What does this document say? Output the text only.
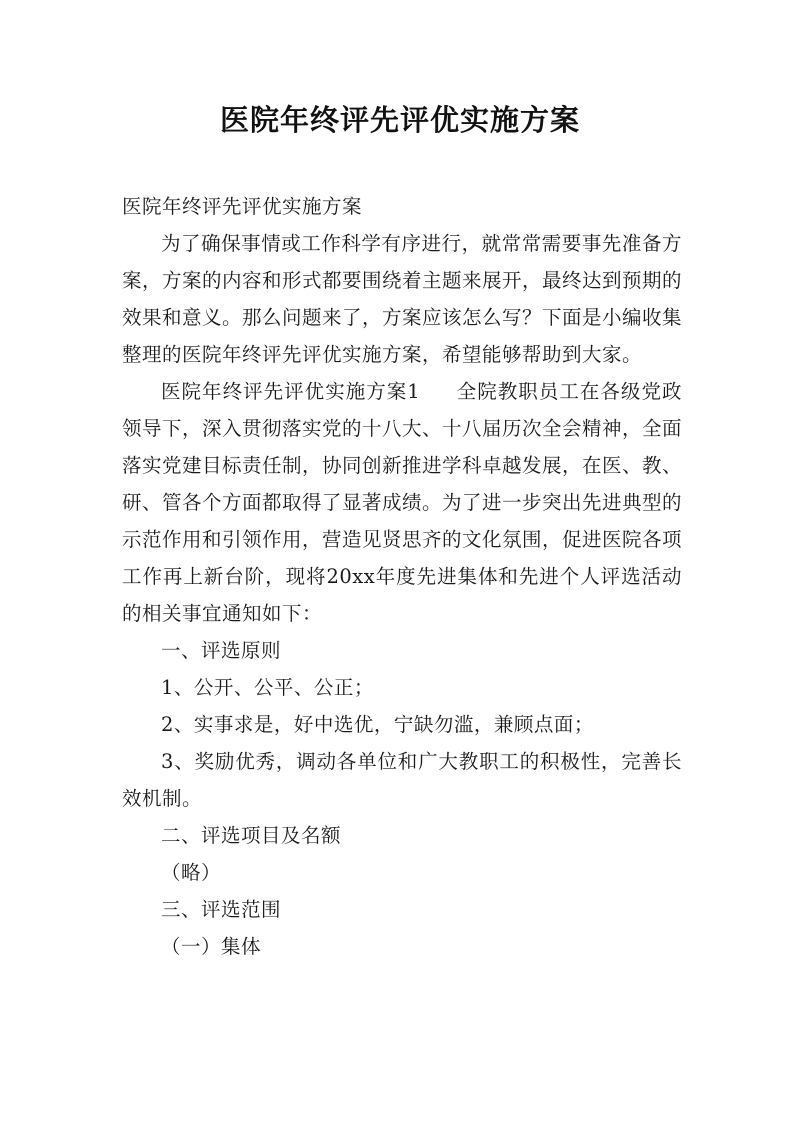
医院年终评先评优实施方案

医院年终评先评优实施方案

为了确保事情或工作科学有序进行，就常常需要事先准备方案，方案的内容和形式都要围绕着主题来展开，最终达到预期的效果和意义。那么问题来了，方案应该怎么写？下面是小编收集整理的医院年终评先评优实施方案，希望能够帮助到大家。

医院年终评先评优实施方案1 全院教职员工在各级党政领导下，深入贯彻落实党的十八大、十八届历次全会精神，全面落实党建目标责任制，协同创新推进学科卓越发展，在医、教、研、管各个方面都取得了显著成绩。为了进一步突出先进典型的示范作用和引领作用，营造见贤思齐的文化氛围，促进医院各项工作再上新台阶，现将20xx年度先进集体和先进个人评选活动的相关事宜通知如下：

一、评选原则

1、公开、公平、公正；

2、实事求是，好中选优，宁缺勿滥，兼顾点面；

3、奖励优秀，调动各单位和广大教职工的积极性，完善长效机制。

二、评选项目及名额

（略）

三、评选范围

（一）集体
